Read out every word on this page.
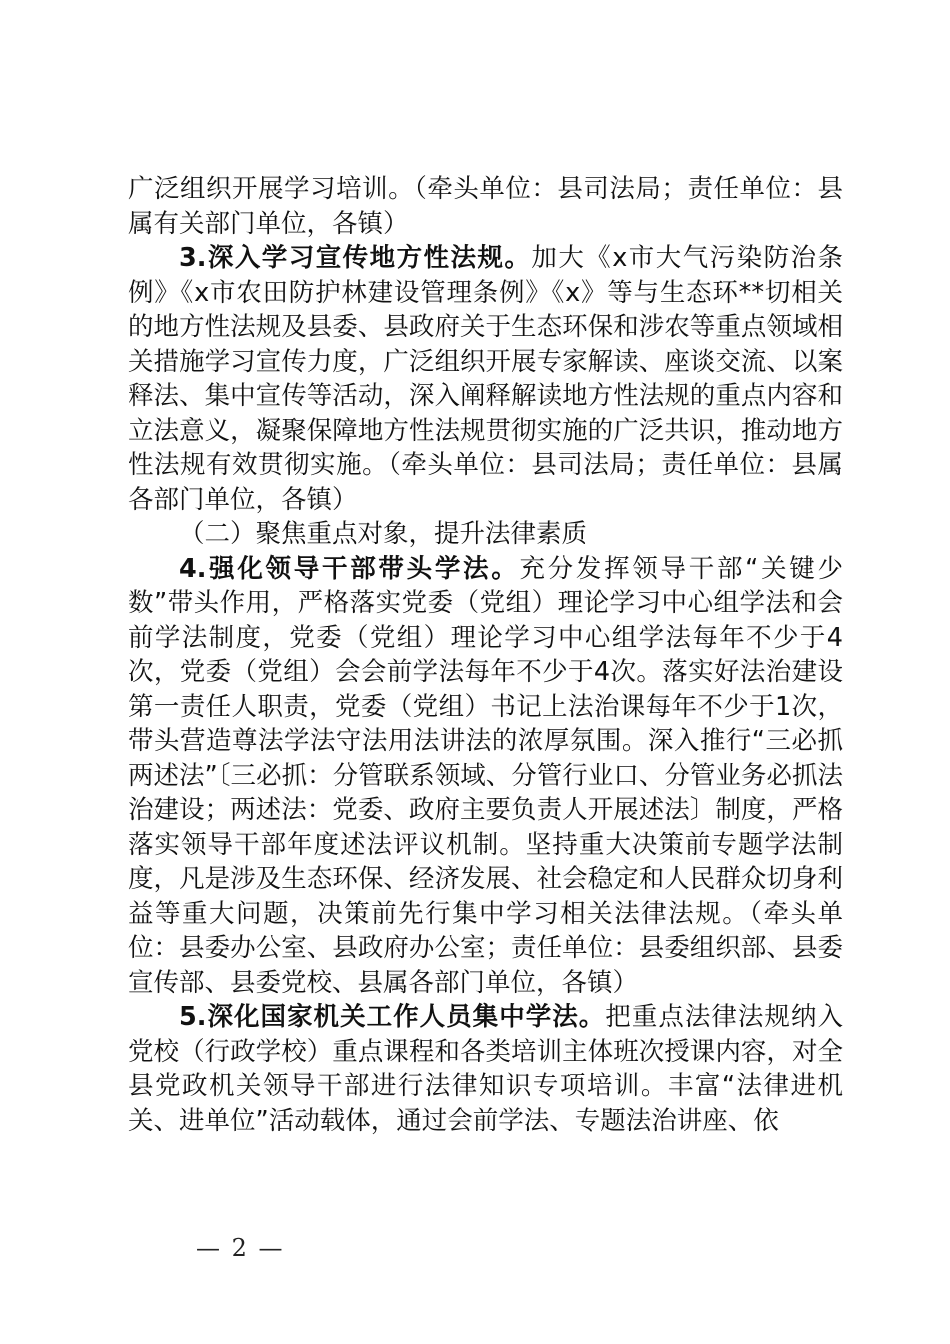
广泛组织开展学习培训。（牵头单位：县司法局；责任单位：县属有关部门单位，各镇）

3.深入学习宣传地方性法规。加大《x市大气污染防治条例》《x市农田防护林建设管理条例》《x》等与生态环**切相关的地方性法规及县委、县政府关于生态环保和涉农等重点领域相关措施学习宣传力度，广泛组织开展专家解读、座谈交流、以案释法、集中宣传等活动，深入阐释解读地方性法规的重点内容和立法意义，凝聚保障地方性法规贯彻实施的广泛共识，推动地方性法规有效贯彻实施。（牵头单位：县司法局；责任单位：县属各部门单位，各镇）

（二）聚焦重点对象，提升法律素质

4.强化领导干部带头学法。充分发挥领导干部“关键少数”带头作用，严格落实党委（党组）理论学习中心组学法和会前学法制度，党委（党组）理论学习中心组学法每年不少于4次，党委（党组）会会前学法每年不少于4次。落实好法治建设第一责任人职责，党委（党组）书记上法治课每年不少于1次，带头营造尊法学法守法用法讲法的浓厚氛围。深入推行“三必抓两述法”〔三必抓：分管联系领域、分管行业口、分管业务必抓法治建设；两述法：党委、政府主要负责人开展述法〕制度，严格落实领导干部年度述法评议机制。坚持重大决策前专题学法制度，凡是涉及生态环保、经济发展、社会稳定和人民群众切身利益等重大问题，决策前先行集中学习相关法律法规。（牵头单位：县委办公室、县政府办公室；责任单位：县委组织部、县委宣传部、县委党校、县属各部门单位，各镇）

5.深化国家机关工作人员集中学法。把重点法律法规纳入党校（行政学校）重点课程和各类培训主体班次授课内容，对全县党政机关领导干部进行法律知识专项培训。丰富“法律进机关、进单位”活动载体，通过会前学法、专题法治讲座、依

— 2 —
